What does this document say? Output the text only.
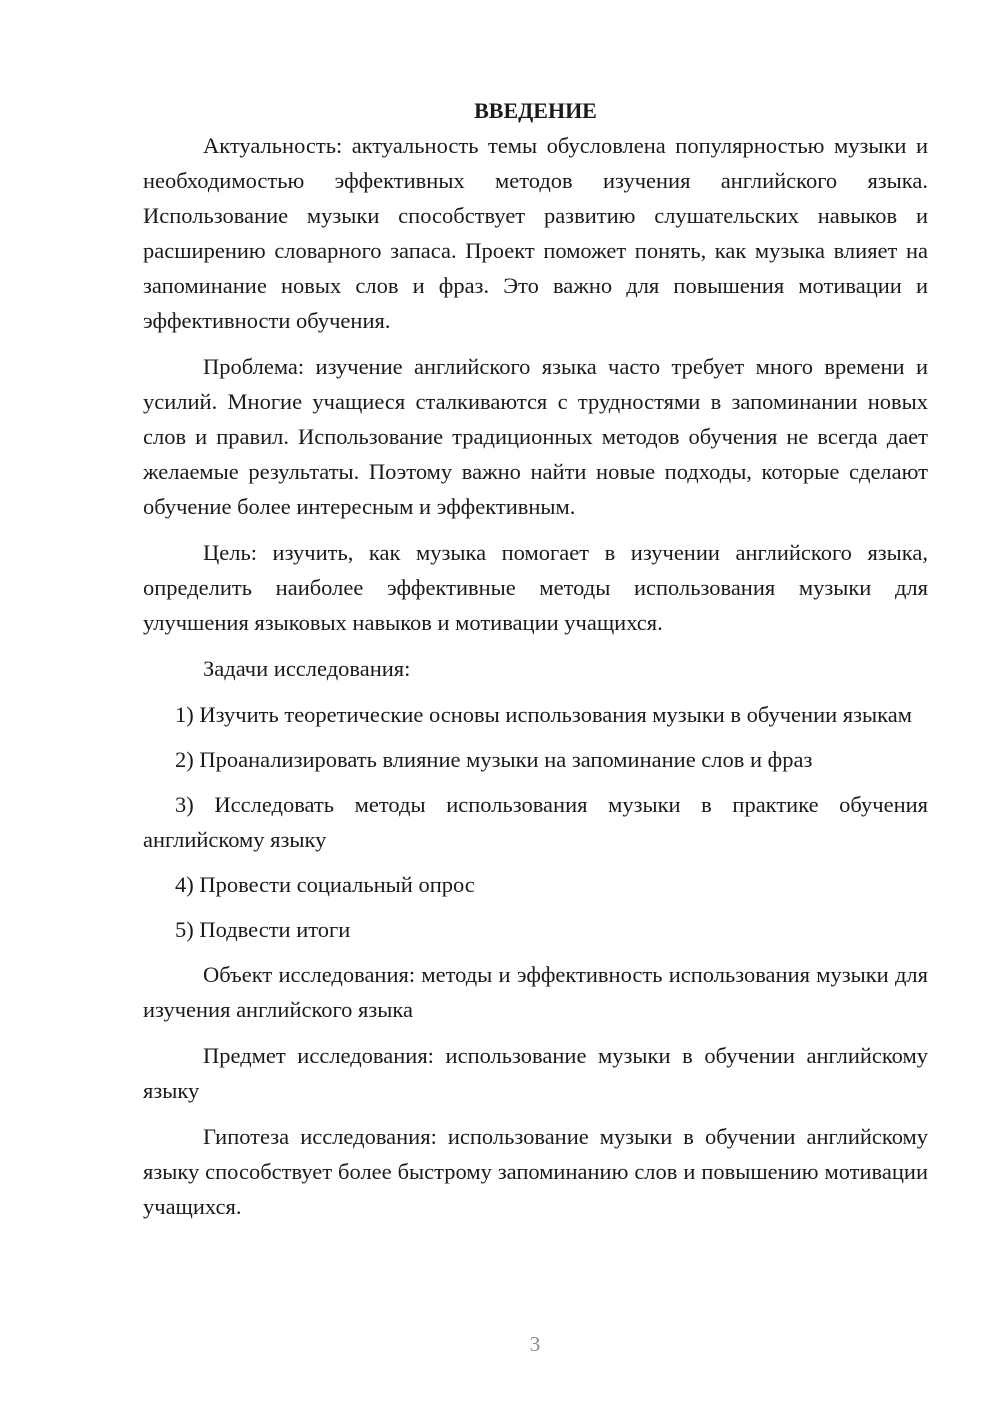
ВВЕДЕНИЕ

Актуальность: актуальность темы обусловлена популярностью музыки и необходимостью эффективных методов изучения английского языка. Использование музыки способствует развитию слушательских навыков и расширению словарного запаса. Проект поможет понять, как музыка влияет на запоминание новых слов и фраз. Это важно для повышения мотивации и эффективности обучения.

Проблема: изучение английского языка часто требует много времени и усилий. Многие учащиеся сталкиваются с трудностями в запоминании новых слов и правил. Использование традиционных методов обучения не всегда дает желаемые результаты. Поэтому важно найти новые подходы, которые сделают обучение более интересным и эффективным.

Цель: изучить, как музыка помогает в изучении английского языка, определить наиболее эффективные методы использования музыки для улучшения языковых навыков и мотивации учащихся.

Задачи исследования:

1) Изучить теоретические основы использования музыки в обучении языкам

2) Проанализировать влияние музыки на запоминание слов и фраз

3) Исследовать методы использования музыки в практике обучения английскому языку

4) Провести социальный опрос

5) Подвести итоги

Объект исследования: методы и эффективность использования музыки для изучения английского языка

Предмет исследования: использование музыки в обучении английскому языку

Гипотеза исследования: использование музыки в обучении английскому языку способствует более быстрому запоминанию слов и повышению мотивации учащихся.

3
